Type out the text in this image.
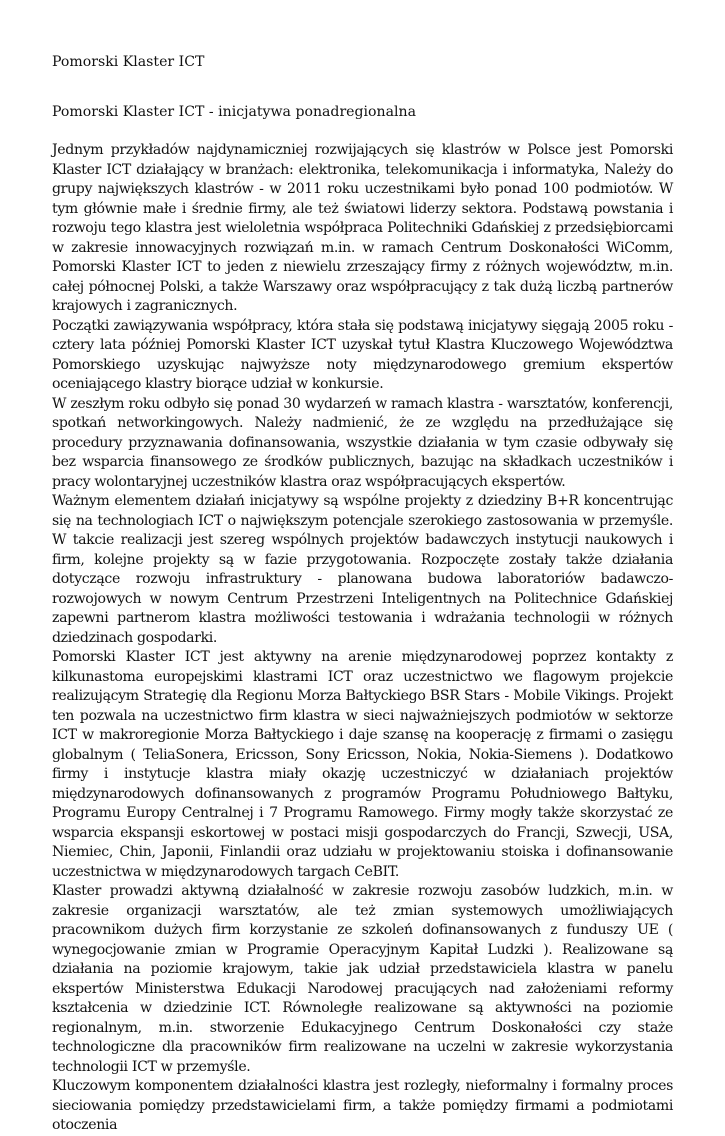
Pomorski Klaster ICT
Pomorski Klaster ICT - inicjatywa ponadregionalna

Jednym przykładów najdynamiczniej rozwijających się klastrów w Polsce jest Pomorski Klaster ICT działający w branżach: elektronika, telekomunikacja i informatyka, Należy do grupy największych klastrów - w 2011 roku uczestnikami było ponad 100 podmiotów. W tym głównie małe i średnie firmy, ale też światowi liderzy sektora. Podstawą powstania i rozwoju tego klastra jest wieloletnia współpraca Politechniki Gdańskiej z przedsiębiorcami w zakresie innowacyjnych rozwiązań m.in. w ramach Centrum Doskonałości WiComm, Pomorski Klaster ICT to jeden z niewielu zrzeszający firmy z różnych województw, m.in. całej północnej Polski, a także Warszawy oraz współpracujący z tak dużą liczbą partnerów krajowych i zagranicznych.

Początki zawiązywania współpracy, która stała się podstawą inicjatywy sięgają 2005 roku - cztery lata później Pomorski Klaster ICT uzyskał tytuł Klastra Kluczowego Województwa Pomorskiego uzyskując najwyższe noty międzynarodowego gremium ekspertów oceniającego klastry biorące udział w konkursie.

W zeszłym roku odbyło się ponad 30 wydarzeń w ramach klastra - warsztatów, konferencji, spotkań networkingowych. Należy nadmienić, że ze względu na przedłużające się procedury przyznawania dofinansowania, wszystkie działania w tym czasie odbywały się bez wsparcia finansowego ze środków publicznych, bazując na składkach uczestników i pracy wolontaryjnej uczestników klastra oraz współpracujących ekspertów.

Ważnym elementem działań inicjatywy są wspólne projekty z dziedziny B+R koncentrując się na technologiach ICT o największym potencjale szerokiego zastosowania w przemyśle. W takcie realizacji jest szereg wspólnych projektów badawczych instytucji naukowych i firm, kolejne projekty są w fazie przygotowania. Rozpoczęte zostały także działania dotyczące rozwoju infrastruktury - planowana budowa laboratoriów badawczo-rozwojowych w nowym Centrum Przestrzeni Inteligentnych na Politechnice Gdańskiej zapewni partnerom klastra możliwości testowania i wdrażania technologii w różnych dziedzinach gospodarki.

Pomorski Klaster ICT jest aktywny na arenie międzynarodowej poprzez kontakty z kilkunastoma europejskimi klastrami ICT oraz uczestnictwo we flagowym projekcie realizującym Strategię dla Regionu Morza Bałtyckiego BSR Stars - Mobile Vikings. Projekt ten pozwala na uczestnictwo firm klastra w sieci najważniejszych podmiotów w sektorze ICT w makroregionie Morza Bałtyckiego i daje szansę na kooperację z firmami o zasięgu globalnym ( TeliaSonera, Ericsson, Sony Ericsson, Nokia, Nokia-Siemens ). Dodatkowo firmy i instytucje klastra miały okazję uczestniczyć w działaniach projektów międzynarodowych dofinansowanych z programów Programu Południowego Bałtyku, Programu Europy Centralnej i 7 Programu Ramowego. Firmy mogły także skorzystać ze wsparcia ekspansji eskortowej w postaci misji gospodarczych do Francji, Szwecji, USA, Niemiec, Chin, Japonii, Finlandii oraz udziału w projektowaniu stoiska i dofinansowanie uczestnictwa w międzynarodowych targach CeBIT.

Klaster prowadzi aktywną działalność w zakresie rozwoju zasobów ludzkich, m.in. w zakresie organizacji warsztatów, ale też zmian systemowych umożliwiających pracownikom dużych firm korzystanie ze szkoleń dofinansowanych z funduszy UE ( wynegocjowanie zmian w Programie Operacyjnym Kapitał Ludzki ). Realizowane są działania na poziomie krajowym, takie jak udział przedstawiciela klastra w panelu ekspertów Ministerstwa Edukacji Narodowej pracujących nad założeniami reformy kształcenia w dziedzinie ICT. Równoległe realizowane są aktywności na poziomie regionalnym, m.in. stworzenie Edukacyjnego Centrum Doskonałości czy staże technologiczne dla pracowników firm realizowane na uczelni w zakresie wykorzystania technologii ICT w przemyśle.

Kluczowym komponentem działalności klastra jest rozległy, nieformalny i formalny proces sieciowania pomiędzy przedstawicielami firm, a także pomiędzy firmami a podmiotami otoczenia
